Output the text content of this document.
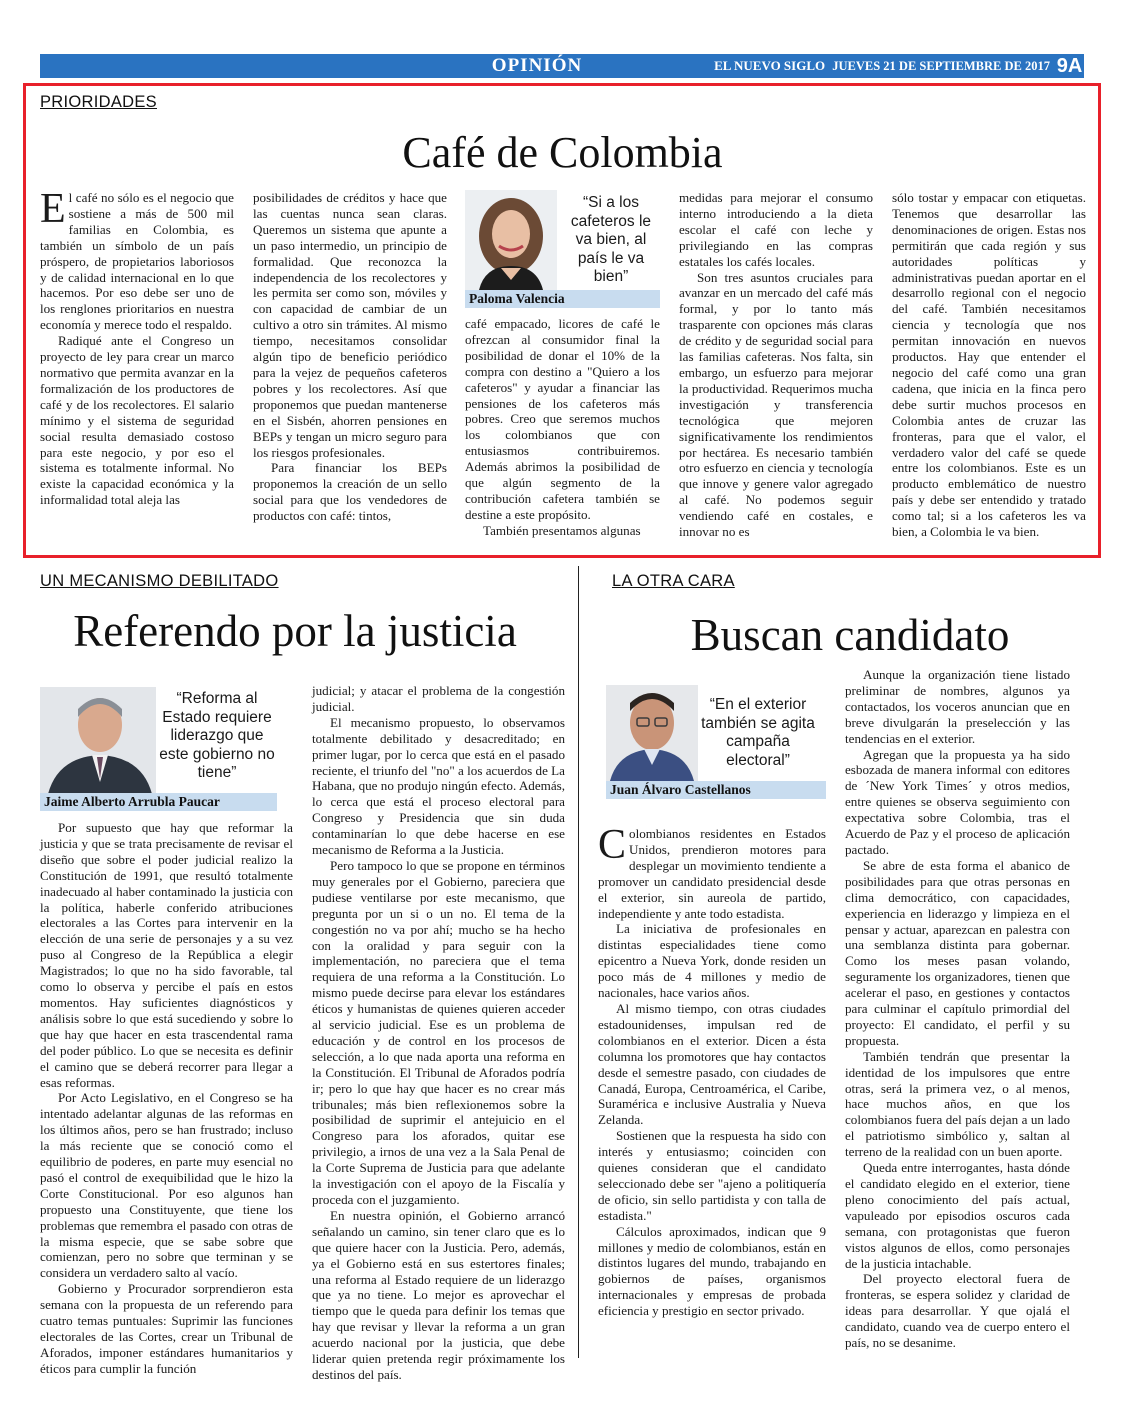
OPINIÓN	EL NUEVO SIGLO JUEVES 21 DE SEPTIEMBRE DE 2017 9A
PRIORIDADES
Café de Colombia

El café no sólo es el negocio que sostiene a más de 500 mil familias en Colombia, es también un símbolo de un país próspero, de propietarios laboriosos y de calidad internacional en lo que hacemos. Por eso debe ser uno de los renglones prioritarios en nuestra economía y merece todo el respaldo.

Radiqué ante el Congreso un proyecto de ley para crear un marco normativo que permita avanzar en la formalización de los productores de café y de los recolectores. El salario mínimo y el sistema de seguridad social resulta demasiado costoso para este negocio, y por eso el sistema es totalmente informal. No existe la capacidad económica y la informalidad total aleja las

posibilidades de créditos y hace que las cuentas nunca sean claras. Queremos un sistema que apunte a un paso intermedio, un principio de formalidad. Que reconozca la independencia de los recolectores y les permita ser como son, móviles y con capacidad de cambiar de un cultivo a otro sin trámites. Al mismo tiempo, necesitamos consolidar algún tipo de beneficio periódico para la vejez de pequeños cafeteros pobres y los recolectores. Así que proponemos que puedan mantenerse en el Sisbén, ahorren pensiones en BEPs y tengan un micro seguro para los riesgos profesionales.

Para financiar los BEPs proponemos la creación de un sello social para que los vendedores de productos con café: tintos,

“Si a los cafeteros le va bien, al país le va bien”
Paloma Valencia

café empacado, licores de café le ofrezcan al consumidor final la posibilidad de donar el 10% de la compra con destino a "Quiero a los cafeteros" y ayudar a financiar las pensiones de los cafeteros más pobres. Creo que seremos muchos los colombianos que con entusiasmos contribuiremos. Además abrimos la posibilidad de que algún segmento de la contribución cafetera también se destine a este propósito.

También presentamos algunas

medidas para mejorar el consumo interno introduciendo a la dieta escolar el café con leche y privilegiando en las compras estatales los cafés locales.

Son tres asuntos cruciales para avanzar en un mercado del café más formal, y por lo tanto más trasparente con opciones más claras de crédito y de seguridad social para las familias cafeteras. Nos falta, sin embargo, un esfuerzo para mejorar la productividad. Requerimos mucha investigación y transferencia tecnológica que mejoren significativamente los rendimientos por hectárea. Es necesario también otro esfuerzo en ciencia y tecnología que innove y genere valor agregado al café. No podemos seguir vendiendo café en costales, e innovar no es

sólo tostar y empacar con etiquetas. Tenemos que desarrollar las denominaciones de origen. Estas nos permitirán que cada región y sus autoridades políticas y administrativas puedan aportar en el desarrollo regional con el negocio del café. También necesitamos ciencia y tecnología que nos permitan innovación en nuevos productos. Hay que entender el negocio del café como una gran cadena, que inicia en la finca pero debe surtir muchos procesos en Colombia antes de cruzar las fronteras, para que el valor, el verdadero valor del café se quede entre los colombianos. Este es un producto emblemático de nuestro país y debe ser entendido y tratado como tal; si a los cafeteros les va bien, a Colombia le va bien.

UN MECANISMO DEBILITADO
Referendo por la justicia
“Reforma al Estado requiere liderazgo que este gobierno no tiene”
Jaime Alberto Arrubla Paucar

Por supuesto que hay que reformar la justicia y que se trata precisamente de revisar el diseño que sobre el poder judicial realizo la Constitución de 1991, que resultó totalmente inadecuado al haber contaminado la justicia con la política, haberle conferido atribuciones electorales a las Cortes para intervenir en la elección de una serie de personajes y a su vez puso al Congreso de la República a elegir Magistrados; lo que no ha sido favorable, tal como lo observa y percibe el país en estos momentos. Hay suficientes diagnósticos y análisis sobre lo que está sucediendo y sobre lo que hay que hacer en esta trascendental rama del poder público. Lo que se necesita es definir el camino que se deberá recorrer para llegar a esas reformas.

Por Acto Legislativo, en el Congreso se ha intentado adelantar algunas de las reformas en los últimos años, pero se han frustrado; incluso la más reciente que se conoció como el equilibrio de poderes, en parte muy esencial no pasó el control de exequibilidad que le hizo la Corte Constitucional. Por eso algunos han propuesto una Constituyente, que tiene los problemas que remembra el pasado con otras de la misma especie, que se sabe sobre que comienzan, pero no sobre que terminan y se considera un verdadero salto al vacío.

Gobierno y Procurador sorprendieron esta semana con la propuesta de un referendo para cuatro temas puntuales: Suprimir las funciones electorales de las Cortes, crear un Tribunal de Aforados, imponer estándares humanitarios y éticos para cumplir la función

judicial; y atacar el problema de la congestión judicial.

El mecanismo propuesto, lo observamos totalmente debilitado y desacreditado; en primer lugar, por lo cerca que está en el pasado reciente, el triunfo del "no" a los acuerdos de La Habana, que no produjo ningún efecto. Además, lo cerca que está el proceso electoral para Congreso y Presidencia que sin duda contaminarían lo que debe hacerse en ese mecanismo de Reforma a la Justicia.

Pero tampoco lo que se propone en términos muy generales por el Gobierno, pareciera que pudiese ventilarse por este mecanismo, que pregunta por un si o un no. El tema de la congestión no va por ahí; mucho se ha hecho con la oralidad y para seguir con la implementación, no pareciera que el tema requiera de una reforma a la Constitución. Lo mismo puede decirse para elevar los estándares éticos y humanistas de quienes quieren acceder al servicio judicial. Ese es un problema de educación y de control en los procesos de selección, a lo que nada aporta una reforma en la Constitución. El Tribunal de Aforados podría ir; pero lo que hay que hacer es no crear más tribunales; más bien reflexionemos sobre la posibilidad de suprimir el antejuicio en el Congreso para los aforados, quitar ese privilegio, a irnos de una vez a la Sala Penal de la Corte Suprema de Justicia para que adelante la investigación con el apoyo de la Fiscalía y proceda con el juzgamiento.

En nuestra opinión, el Gobierno arrancó señalando un camino, sin tener claro que es lo que quiere hacer con la Justicia. Pero, además, ya el Gobierno está en sus estertores finales; una reforma al Estado requiere de un liderazgo que ya no tiene. Lo mejor es aprovechar el tiempo que le queda para definir los temas que hay que revisar y llevar la reforma a un gran acuerdo nacional por la justicia, que debe liderar quien pretenda regir próximamente los destinos del país.

LA OTRA CARA
Buscan candidato
“En el exterior también se agita campaña electoral”
Juan Álvaro Castellanos

Colombianos residentes en Estados Unidos, prendieron motores para desplegar un movimiento tendiente a promover un candidato presidencial desde el exterior, sin aureola de partido, independiente y ante todo estadista.

La iniciativa de profesionales en distintas especialidades tiene como epicentro a Nueva York, donde residen un poco más de 4 millones y medio de nacionales, hace varios años.

Al mismo tiempo, con otras ciudades estadounidenses, impulsan red de colombianos en el exterior. Dicen a ésta columna los promotores que hay contactos desde el semestre pasado, con ciudades de Canadá, Europa, Centroamérica, el Caribe, Suramérica e inclusive Australia y Nueva Zelanda.

Sostienen que la respuesta ha sido con interés y entusiasmo; coinciden con quienes consideran que el candidato seleccionado debe ser "ajeno a politiquería de oficio, sin sello partidista y con talla de estadista."

Cálculos aproximados, indican que 9 millones y medio de colombianos, están en distintos lugares del mundo, trabajando en gobiernos de países, organismos internacionales y empresas de probada eficiencia y prestigio en sector privado.

Aunque la organización tiene listado preliminar de nombres, algunos ya contactados, los voceros anuncian que en breve divulgarán la preselección y las tendencias en el exterior.

Agregan que la propuesta ya ha sido esbozada de manera informal con editores de ´New York Times´ y otros medios, entre quienes se observa seguimiento con expectativa sobre Colombia, tras el Acuerdo de Paz y el proceso de aplicación pactado.

Se abre de esta forma el abanico de posibilidades para que otras personas en clima democrático, con capacidades, experiencia en liderazgo y limpieza en el pensar y actuar, aparezcan en palestra con una semblanza distinta para gobernar. Como los meses pasan volando, seguramente los organizadores, tienen que acelerar el paso, en gestiones y contactos para culminar el capítulo primordial del proyecto: El candidato, el perfil y su propuesta.

También tendrán que presentar la identidad de los impulsores que entre otras, será la primera vez, o al menos, hace muchos años, en que los colombianos fuera del país dejan a un lado el patriotismo simbólico y, saltan al terreno de la realidad con un buen aporte.

Queda entre interrogantes, hasta dónde el candidato elegido en el exterior, tiene pleno conocimiento del país actual, vapuleado por episodios oscuros cada semana, con protagonistas que fueron vistos algunos de ellos, como personajes de la justicia intachable.

Del proyecto electoral fuera de fronteras, se espera solidez y claridad de ideas para desarrollar. Y que ojalá el candidato, cuando vea de cuerpo entero el país, no se desanime.
